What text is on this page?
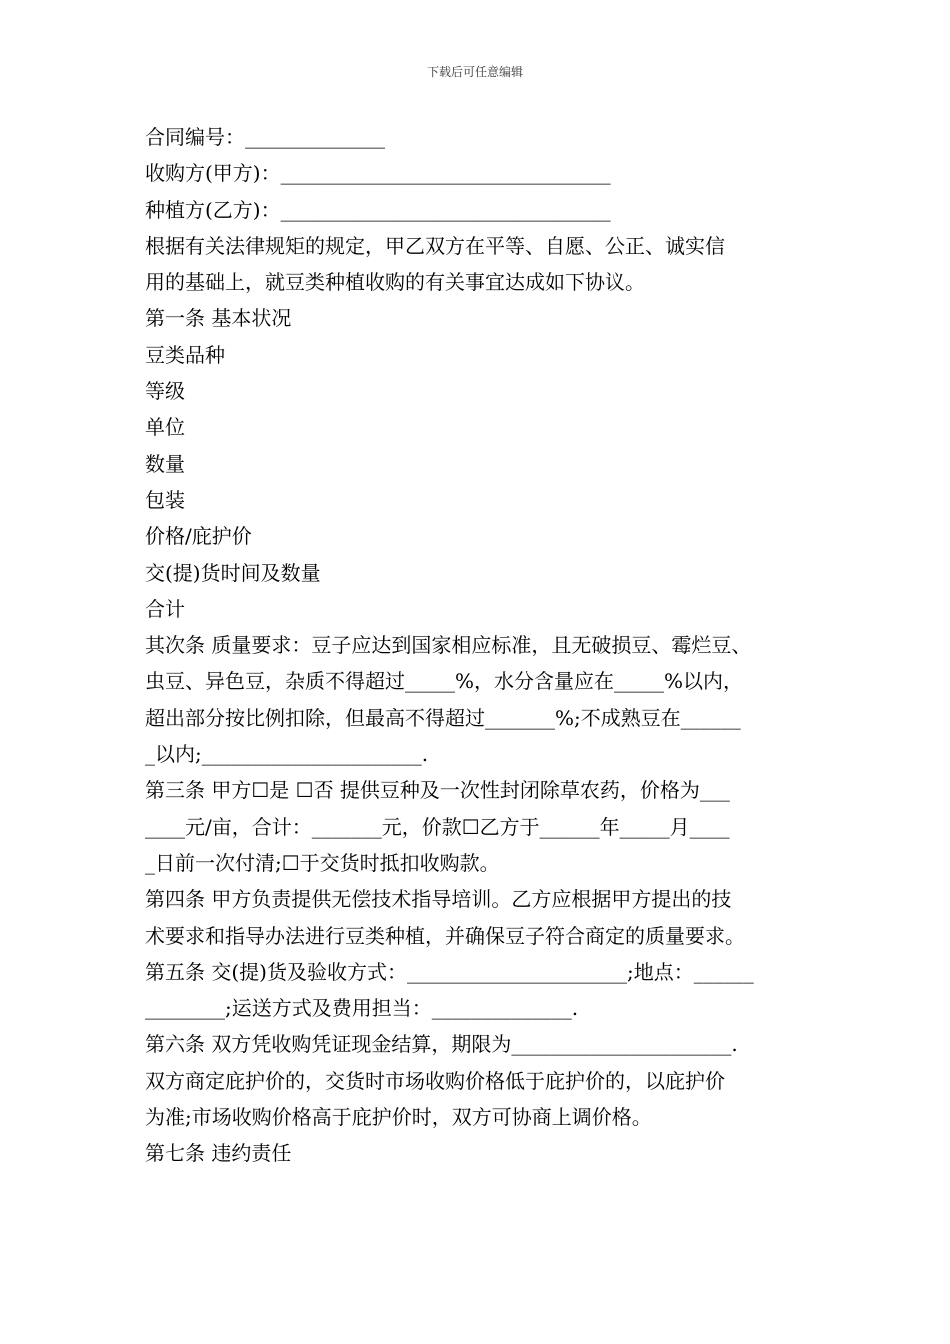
下载后可任意编辑
合同编号：______________
收购方(甲方)：_________________________________
种植方(乙方)：_________________________________
根据有关法律规矩的规定，甲乙双方在平等、自愿、公正、诚实信
用的基础上，就豆类种植收购的有关事宜达成如下协议。
第一条 基本状况
豆类品种
等级
单位
数量
包装
价格/庇护价
交(提)货时间及数量
合计
其次条 质量要求：豆子应达到国家相应标准，且无破损豆、霉烂豆、
虫豆、异色豆，杂质不得超过_____%，水分含量应在_____%以内，
超出部分按比例扣除，但最高不得超过_______%;不成熟豆在______
_以内;______________________.
第三条 甲方☐是 ☐否 提供豆种及一次性封闭除草农药，价格为___
____元/亩，合计：_______元，价款☐乙方于______年_____月____
_日前一次付清;☐于交货时抵扣收购款。
第四条 甲方负责提供无偿技术指导培训。乙方应根据甲方提出的技
术要求和指导办法进行豆类种植，并确保豆子符合商定的质量要求。
第五条 交(提)货及验收方式：______________________;地点：______
________;运送方式及费用担当：______________.
第六条 双方凭收购凭证现金结算，期限为______________________.
双方商定庇护价的，交货时市场收购价格低于庇护价的，以庇护价
为准;市场收购价格高于庇护价时，双方可协商上调价格。
第七条 违约责任
